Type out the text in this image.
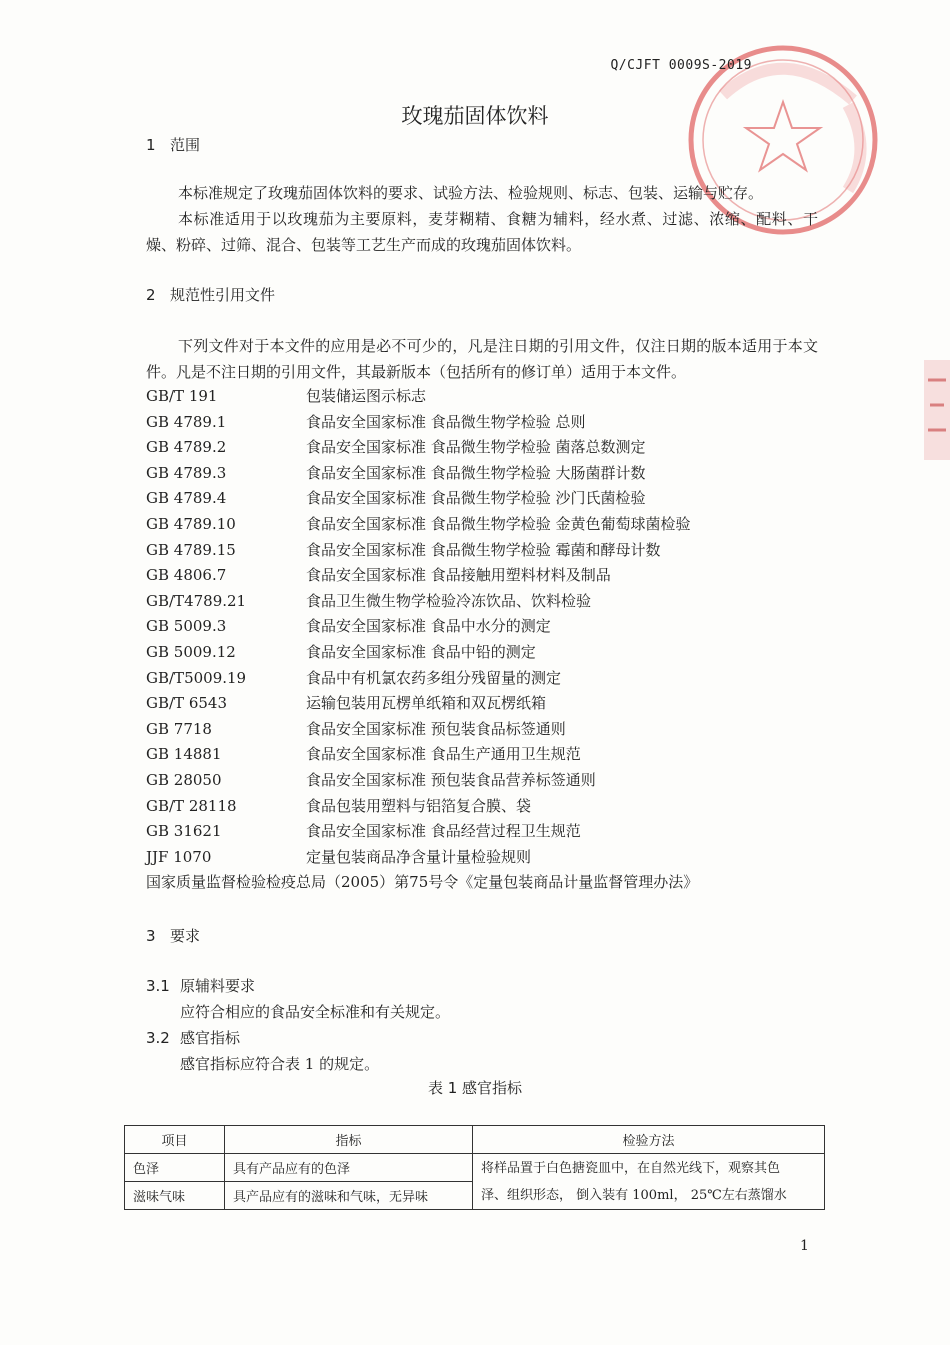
Q/CJFT 0009S-2019
玫瑰茄固体饮料
1 范围

本标准规定了玫瑰茄固体饮料的要求、试验方法、检验规则、标志、包装、运输与贮存。

本标准适用于以玫瑰茄为主要原料，麦芽糊精、食糖为辅料，经水煮、过滤、浓缩、配料、干燥、粉碎、过筛、混合、包装等工艺生产而成的玫瑰茄固体饮料。

2 规范性引用文件

下列文件对于本文件的应用是必不可少的，凡是注日期的引用文件，仅注日期的版本适用于本文件。凡是不注日期的引用文件，其最新版本（包括所有的修订单）适用于本文件。

GB/T 191	包装储运图示标志
GB 4789.1	食品安全国家标准 食品微生物学检验 总则
GB 4789.2	食品安全国家标准 食品微生物学检验 菌落总数测定
GB 4789.3	食品安全国家标准 食品微生物学检验 大肠菌群计数
GB 4789.4	食品安全国家标准 食品微生物学检验 沙门氏菌检验
GB 4789.10	食品安全国家标准 食品微生物学检验 金黄色葡萄球菌检验
GB 4789.15	食品安全国家标准 食品微生物学检验 霉菌和酵母计数
GB 4806.7	食品安全国家标准 食品接触用塑料材料及制品
GB/T4789.21	食品卫生微生物学检验冷冻饮品、饮料检验
GB 5009.3	食品安全国家标准 食品中水分的测定
GB 5009.12	食品安全国家标准 食品中铅的测定
GB/T5009.19	食品中有机氯农药多组分残留量的测定
GB/T 6543	运输包装用瓦楞单纸箱和双瓦楞纸箱
GB 7718	食品安全国家标准 预包装食品标签通则
GB 14881	食品安全国家标准 食品生产通用卫生规范
GB 28050	食品安全国家标准 预包装食品营养标签通则
GB/T 28118	食品包装用塑料与铝箔复合膜、袋
GB 31621	食品安全国家标准 食品经营过程卫生规范
JJF 1070	定量包装商品净含量计量检验规则
国家质量监督检验检疫总局（2005）第75号令《定量包装商品计量监督管理办法》
3 要求
3.1 原辅料要求
应符合相应的食品安全标准和有关规定。
3.2 感官指标
感官指标应符合表 1 的规定。
表 1 感官指标
项目	指标	检验方法
色泽	具有产品应有的色泽	将样品置于白色搪瓷皿中，在自然光线下，观察其色
泽、组织形态， 倒入装有 100ml， 25℃左右蒸馏水

滋味气味	具产品应有的滋味和气味，无异味	
1
